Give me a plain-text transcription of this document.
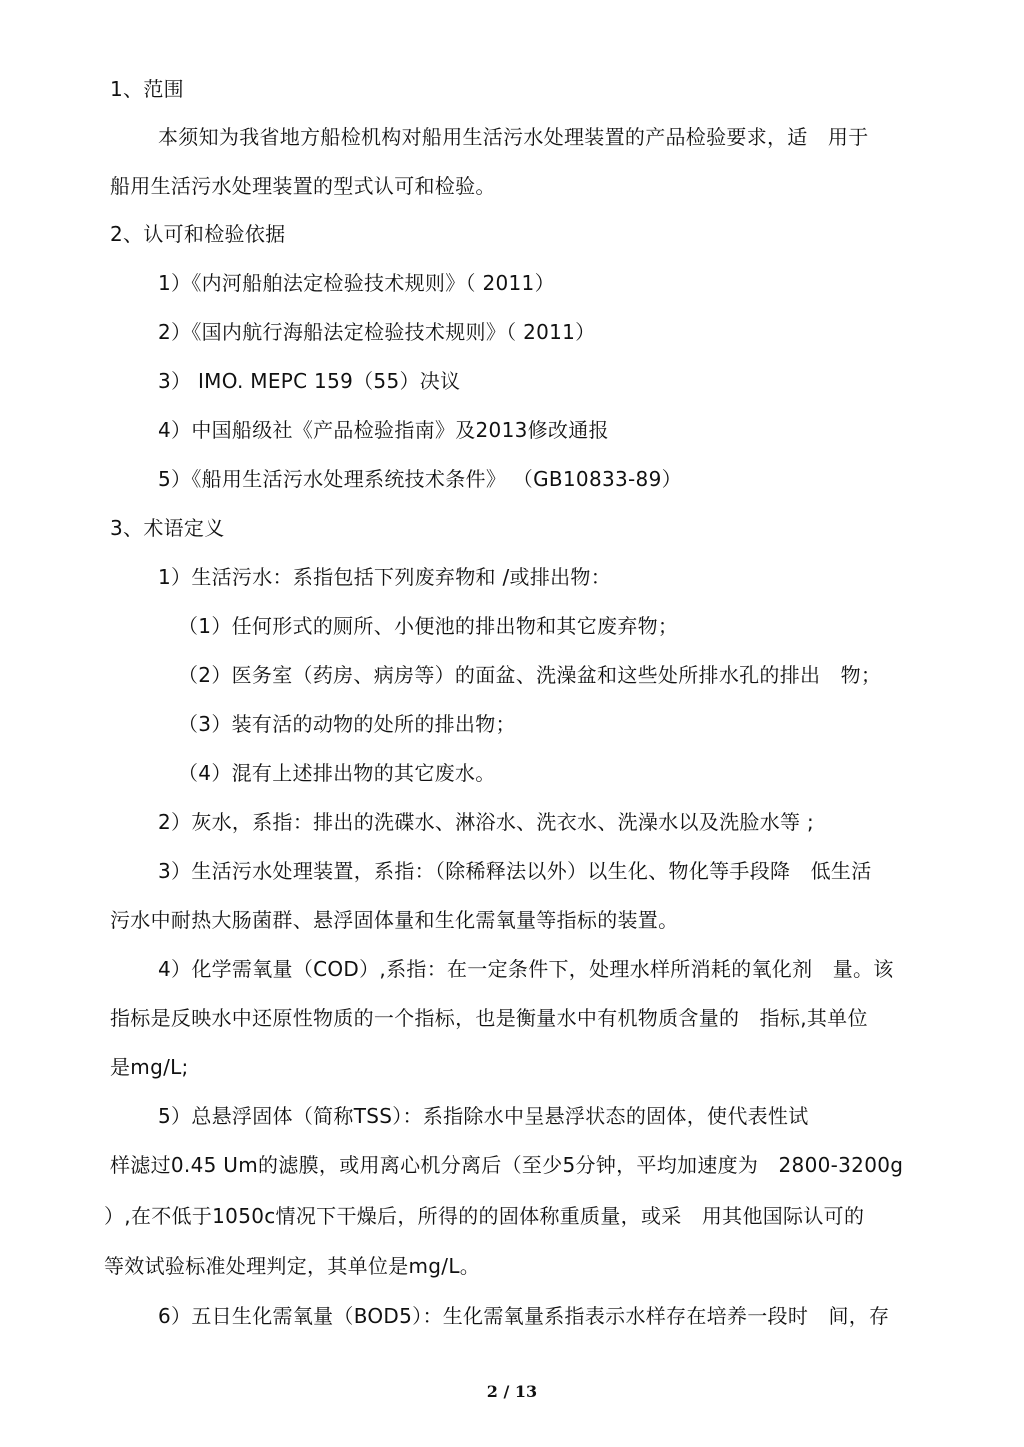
1、范围

本须知为我省地方船检机构对船用生活污水处理装置的产品检验要求，适　用于

船用生活污水处理装置的型式认可和检验。

2、认可和检验依据

1）《内河船舶法定检验技术规则》（ 2011）

2）《国内航行海船法定检验技术规则》（ 2011）

3） IMO. MEPC 159（55）决议

4）中国船级社《产品检验指南》及2013修改通报

5）《船用生活污水处理系统技术条件》 （GB10833-89）

3、术语定义

1）生活污水：系指包括下列废弃物和 /或排出物：

（1）任何形式的厕所、小便池的排出物和其它废弃物；

（2）医务室（药房、病房等）的面盆、洗澡盆和这些处所排水孔的排出　物；

（3）装有活的动物的处所的排出物；

（4）混有上述排出物的其它废水。

2）灰水，系指：排出的洗碟水、淋浴水、洗衣水、洗澡水以及洗脸水等 ;

3）生活污水处理装置，系指：（除稀释法以外）以生化、物化等手段降　低生活

污水中耐热大肠菌群、悬浮固体量和生化需氧量等指标的装置。

4）化学需氧量（COD）,系指：在一定条件下，处理水样所消耗的氧化剂　量。该

指标是反映水中还原性物质的一个指标，也是衡量水中有机物质含量的　指标,其单位

是mg/L;

5）总悬浮固体（简称TSS）：系指除水中呈悬浮状态的固体，使代表性试

样滤过0.45 Um的滤膜，或用离心机分离后（至少5分钟，平均加速度为　2800-3200g

）,在不低于1050c情况下干燥后，所得的的固体称重质量，或采　用其他国际认可的

等效试验标准处理判定，其单位是mg/L。

6）五日生化需氧量（BOD5）：生化需氧量系指表示水样存在培养一段时　间，存

2 / 13
